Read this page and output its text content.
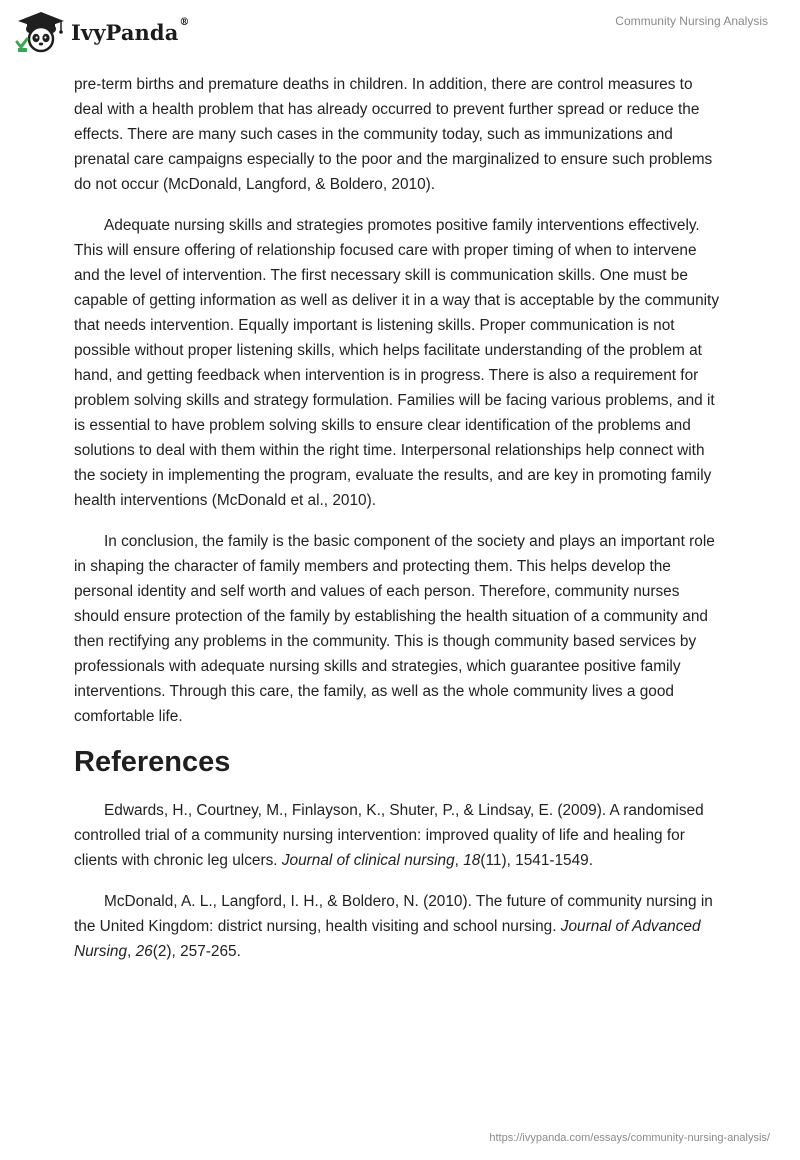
IvyPanda®	Community Nursing Analysis

pre-term births and premature deaths in children. In addition, there are control measures to deal with a health problem that has already occurred to prevent further spread or reduce the effects. There are many such cases in the community today, such as immunizations and prenatal care campaigns especially to the poor and the marginalized to ensure such problems do not occur (McDonald, Langford, & Boldero, 2010).

Adequate nursing skills and strategies promotes positive family interventions effectively. This will ensure offering of relationship focused care with proper timing of when to intervene and the level of intervention. The first necessary skill is communication skills. One must be capable of getting information as well as deliver it in a way that is acceptable by the community that needs intervention. Equally important is listening skills. Proper communication is not possible without proper listening skills, which helps facilitate understanding of the problem at hand, and getting feedback when intervention is in progress. There is also a requirement for problem solving skills and strategy formulation. Families will be facing various problems, and it is essential to have problem solving skills to ensure clear identification of the problems and solutions to deal with them within the right time. Interpersonal relationships help connect with the society in implementing the program, evaluate the results, and are key in promoting family health interventions (McDonald et al., 2010).

In conclusion, the family is the basic component of the society and plays an important role in shaping the character of family members and protecting them. This helps develop the personal identity and self worth and values of each person. Therefore, community nurses should ensure protection of the family by establishing the health situation of a community and then rectifying any problems in the community. This is though community based services by professionals with adequate nursing skills and strategies, which guarantee positive family interventions. Through this care, the family, as well as the whole community lives a good comfortable life.

References

Edwards, H., Courtney, M., Finlayson, K., Shuter, P., & Lindsay, E. (2009). A randomised controlled trial of a community nursing intervention: improved quality of life and healing for clients with chronic leg ulcers. Journal of clinical nursing, 18(11), 1541-1549.

McDonald, A. L., Langford, I. H., & Boldero, N. (2010). The future of community nursing in the United Kingdom: district nursing, health visiting and school nursing. Journal of Advanced Nursing, 26(2), 257-265.

https://ivypanda.com/essays/community-nursing-analysis/
